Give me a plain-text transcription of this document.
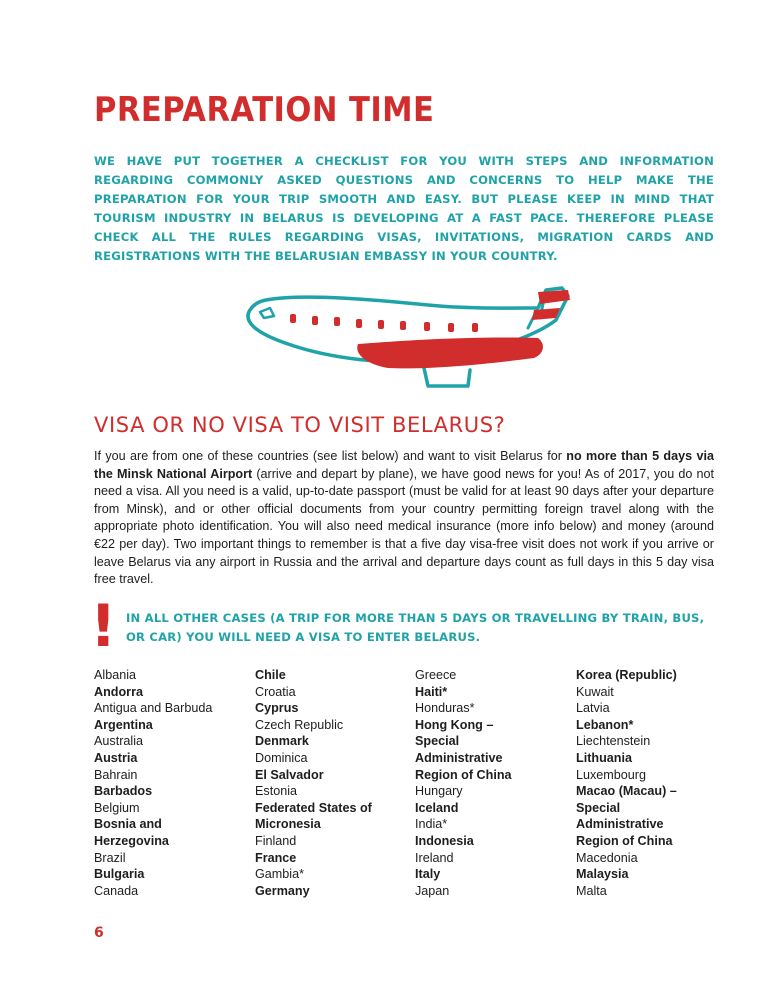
PREPARATION TIME

WE HAVE PUT TOGETHER A CHECKLIST FOR YOU WITH STEPS AND INFORMATION REGARDING COMMONLY ASKED QUESTIONS AND CONCERNS TO HELP MAKE THE PREPARATION FOR YOUR TRIP SMOOTH AND EASY. BUT PLEASE KEEP IN MIND THAT TOURISM INDUSTRY IN BELARUS IS DEVELOPING AT A FAST PACE. THEREFORE PLEASE CHECK ALL THE RULES REGARDING VISAS, INVITATIONS, MIGRATION CARDS AND REGISTRATIONS WITH THE BELARUSIAN EMBASSY IN YOUR COUNTRY.

VISA OR NO VISA TO VISIT BELARUS?

If you are from one of these countries (see list below) and want to visit Belarus for no more than 5 days via the Minsk National Airport (arrive and depart by plane), we have good news for you! As of 2017, you do not need a visa. All you need is a valid, up-to-date passport (must be valid for at least 90 days after your departure from Minsk), and or other official documents from your country permitting foreign travel along with the appropriate photo identification. You will also need medical insurance (more info below) and money (around €22 per day). Two important things to remember is that a five day visa-free visit does not work if you arrive or leave Belarus via any airport in Russia and the arrival and departure days count as full days in this 5 day visa free travel.

! IN ALL OTHER CASES (A TRIP FOR MORE THAN 5 DAYS OR TRAVELLING BY TRAIN, BUS, OR CAR) YOU WILL NEED A VISA TO ENTER BELARUS.

Albania
Andorra
Antigua and Barbuda
Argentina
Australia
Austria
Bahrain
Barbados
Belgium
Bosnia and
Herzegovina
Brazil
Bulgaria
Canada
Chile
Croatia
Cyprus
Czech Republic
Denmark
Dominica
El Salvador
Estonia
Federated States of
Micronesia
Finland
France
Gambia*
Germany
Greece
Haiti*
Honduras*
Hong Kong –
Special
Administrative
Region of China
Hungary
Iceland
India*
Indonesia
Ireland
Italy
Japan
Korea (Republic)
Kuwait
Latvia
Lebanon*
Liechtenstein
Lithuania
Luxembourg
Macao (Macau) –
Special
Administrative
Region of China
Macedonia
Malaysia
Malta
6
